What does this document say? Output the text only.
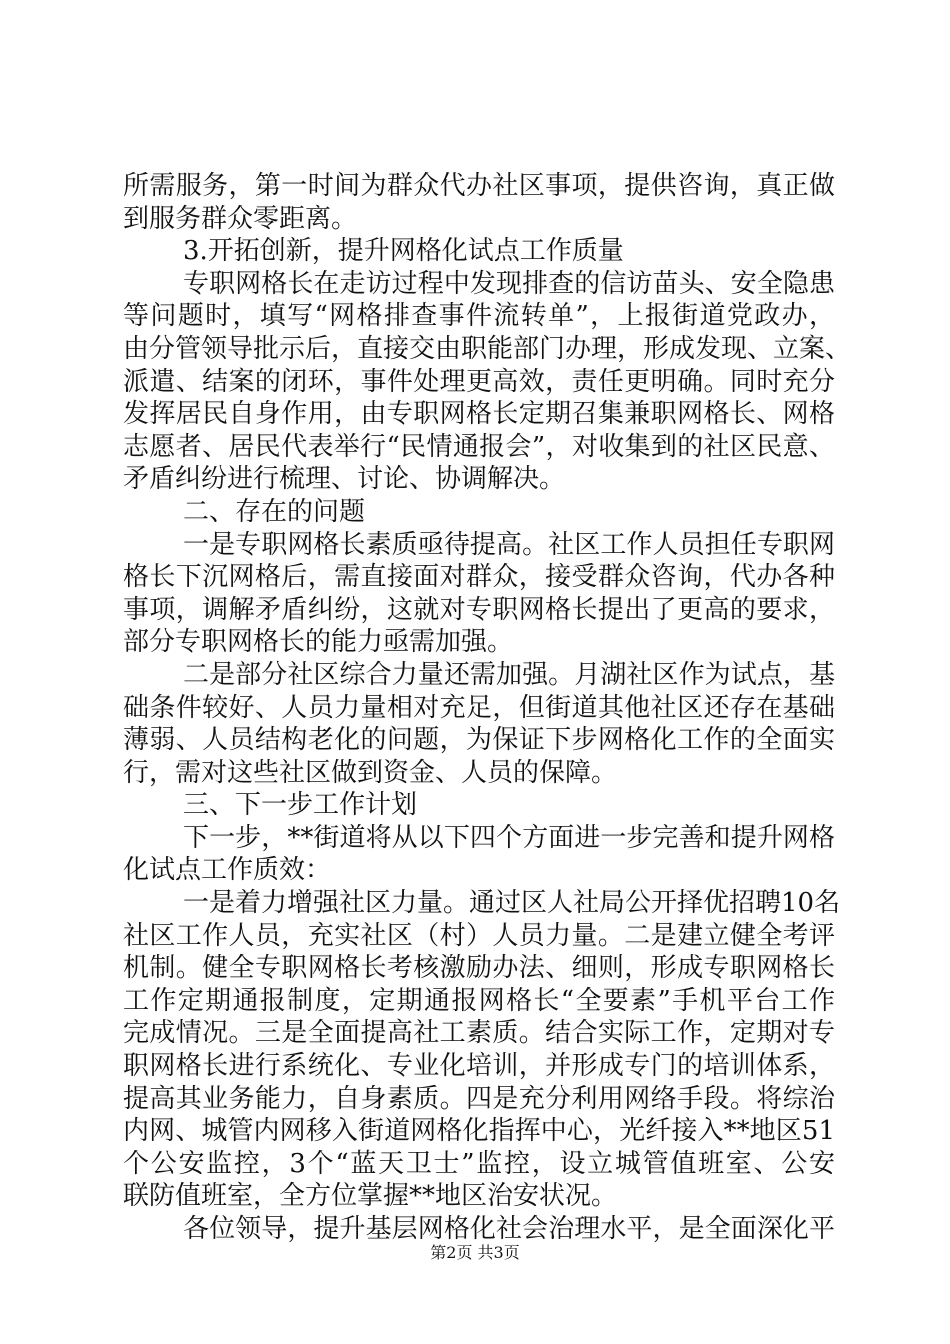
所需服务，第一时间为群众代办社区事项，提供咨询，真正做
到服务群众零距离。
3.开拓创新，提升网格化试点工作质量
专职网格长在走访过程中发现排查的信访苗头、安全隐患
等问题时，填写“网格排查事件流转单”，上报街道党政办，
由分管领导批示后，直接交由职能部门办理，形成发现、立案、
派遣、结案的闭环，事件处理更高效，责任更明确。同时充分
发挥居民自身作用，由专职网格长定期召集兼职网格长、网格
志愿者、居民代表举行“民情通报会”，对收集到的社区民意、
矛盾纠纷进行梳理、讨论、协调解决。
二、存在的问题
一是专职网格长素质亟待提高。社区工作人员担任专职网
格长下沉网格后，需直接面对群众，接受群众咨询，代办各种
事项，调解矛盾纠纷，这就对专职网格长提出了更高的要求，
部分专职网格长的能力亟需加强。
二是部分社区综合力量还需加强。月湖社区作为试点，基
础条件较好、人员力量相对充足，但街道其他社区还存在基础
薄弱、人员结构老化的问题，为保证下步网格化工作的全面实
行，需对这些社区做到资金、人员的保障。
三、下一步工作计划
下一步，**街道将从以下四个方面进一步完善和提升网格
化试点工作质效：
一是着力增强社区力量。通过区人社局公开择优招聘10名
社区工作人员，充实社区（村）人员力量。二是建立健全考评
机制。健全专职网格长考核激励办法、细则，形成专职网格长
工作定期通报制度，定期通报网格长“全要素”手机平台工作
完成情况。三是全面提高社工素质。结合实际工作，定期对专
职网格长进行系统化、专业化培训，并形成专门的培训体系，
提高其业务能力，自身素质。四是充分利用网络手段。将综治
内网、城管内网移入街道网格化指挥中心，光纤接入**地区51
个公安监控，3个“蓝天卫士”监控，设立城管值班室、公安
联防值班室，全方位掌握**地区治安状况。
各位领导，提升基层网格化社会治理水平，是全面深化平
第2页 共3页
